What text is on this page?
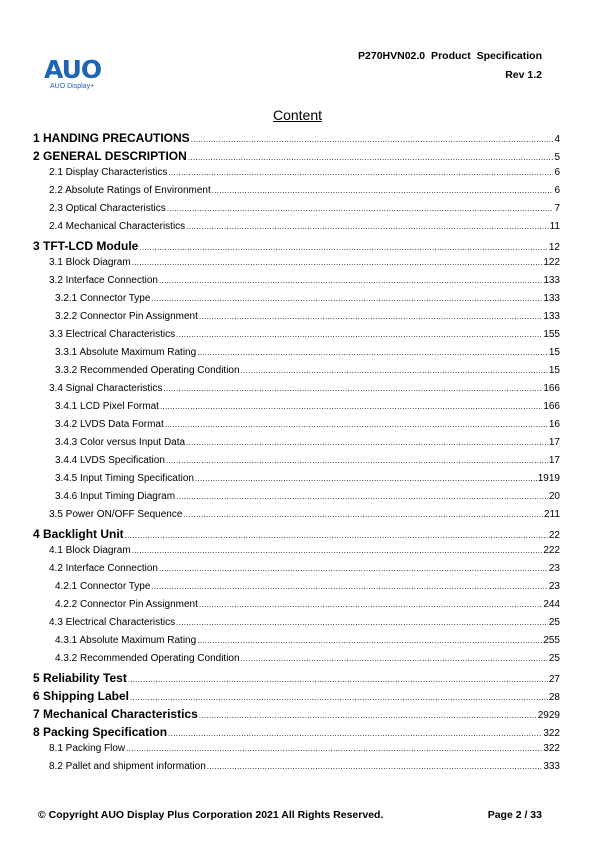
AUO
AUO Display+
P270HVN02.0 Product Specification
Rev 1.2
Content
1 HANDING PRECAUTIONS .....	4
2 GENERAL DESCRIPTION .....	5
2.1 Display Characteristics .....	6
2.2 Absolute Ratings of Environment .....	6
2.3 Optical Characteristics .....	7
2.4 Mechanical Characteristics .....	11
3 TFT-LCD Module .....	12
3.1 Block Diagram .....	122
3.2 Interface Connection .....	133
3.2.1 Connector Type .....	133
3.2.2 Connector Pin Assignment .....	133
3.3 Electrical Characteristics .....	155
3.3.1 Absolute Maximum Rating .....	15
3.3.2 Recommended Operating Condition .....	15
3.4 Signal Characteristics .....	166
3.4.1 LCD Pixel Format .....	166
3.4.2 LVDS Data Format .....	16
3.4.3 Color versus Input Data .....	17
3.4.4 LVDS Specification .....	17
3.4.5 Input Timing Specification .....	1919
3.4.6 Input Timing Diagram .....	20
3.5 Power ON/OFF Sequence .....	211
4 Backlight Unit .....	22
4.1 Block Diagram .....	222
4.2 Interface Connection .....	23
4.2.1 Connector Type .....	23
4.2.2 Connector Pin Assignment .....	244
4.3 Electrical Characteristics .....	25
4.3.1 Absolute Maximum Rating .....	255
4.3.2 Recommended Operating Condition .....	25
5 Reliability Test .....	27
6 Shipping Label .....	28
7 Mechanical Characteristics .....	2929
8 Packing Specification .....	322
8.1 Packing Flow .....	322
8.2 Pallet and shipment information .....	333
© Copyright AUO Display Plus Corporation 2021 All Rights Reserved.	Page 2 / 33
